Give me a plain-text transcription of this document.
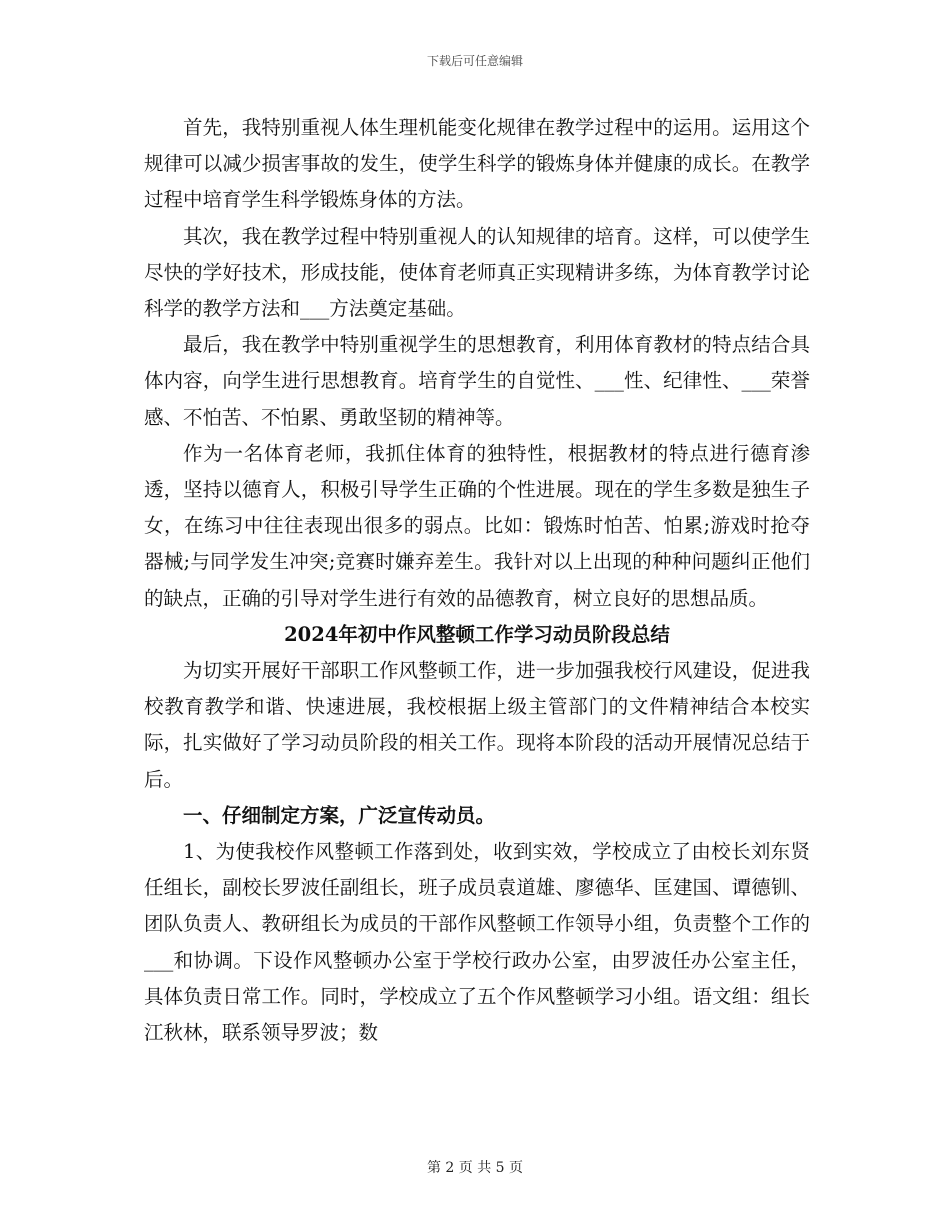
下载后可任意编辑

首先，我特别重视人体生理机能变化规律在教学过程中的运用。运用这个规律可以减少损害事故的发生，使学生科学的锻炼身体并健康的成长。在教学过程中培育学生科学锻炼身体的方法。

其次，我在教学过程中特别重视人的认知规律的培育。这样，可以使学生尽快的学好技术，形成技能，使体育老师真正实现精讲多练，为体育教学讨论科学的教学方法和___方法奠定基础。

最后，我在教学中特别重视学生的思想教育，利用体育教材的特点结合具体内容，向学生进行思想教育。培育学生的自觉性、___性、纪律性、___荣誉感、不怕苦、不怕累、勇敢坚韧的精神等。

作为一名体育老师，我抓住体育的独特性，根据教材的特点进行德育渗透，坚持以德育人，积极引导学生正确的个性进展。现在的学生多数是独生子女，在练习中往往表现出很多的弱点。比如：锻炼时怕苦、怕累;游戏时抢夺器械;与同学发生冲突;竞赛时嫌弃差生。我针对以上出现的种种问题纠正他们的缺点，正确的引导对学生进行有效的品德教育，树立良好的思想品质。

2024年初中作风整顿工作学习动员阶段总结

为切实开展好干部职工作风整顿工作，进一步加强我校行风建设，促进我校教育教学和谐、快速进展，我校根据上级主管部门的文件精神结合本校实际，扎实做好了学习动员阶段的相关工作。现将本阶段的活动开展情况总结于后。

一、仔细制定方案，广泛宣传动员。

1、为使我校作风整顿工作落到处，收到实效，学校成立了由校长刘东贤任组长，副校长罗波任副组长，班子成员袁道雄、廖德华、匡建国、谭德钏、团队负责人、教研组长为成员的干部作风整顿工作领导小组，负责整个工作的___和协调。下设作风整顿办公室于学校行政办公室，由罗波任办公室主任，具体负责日常工作。同时，学校成立了五个作风整顿学习小组。语文组：组长江秋林，联系领导罗波；数

第 2 页 共 5 页
